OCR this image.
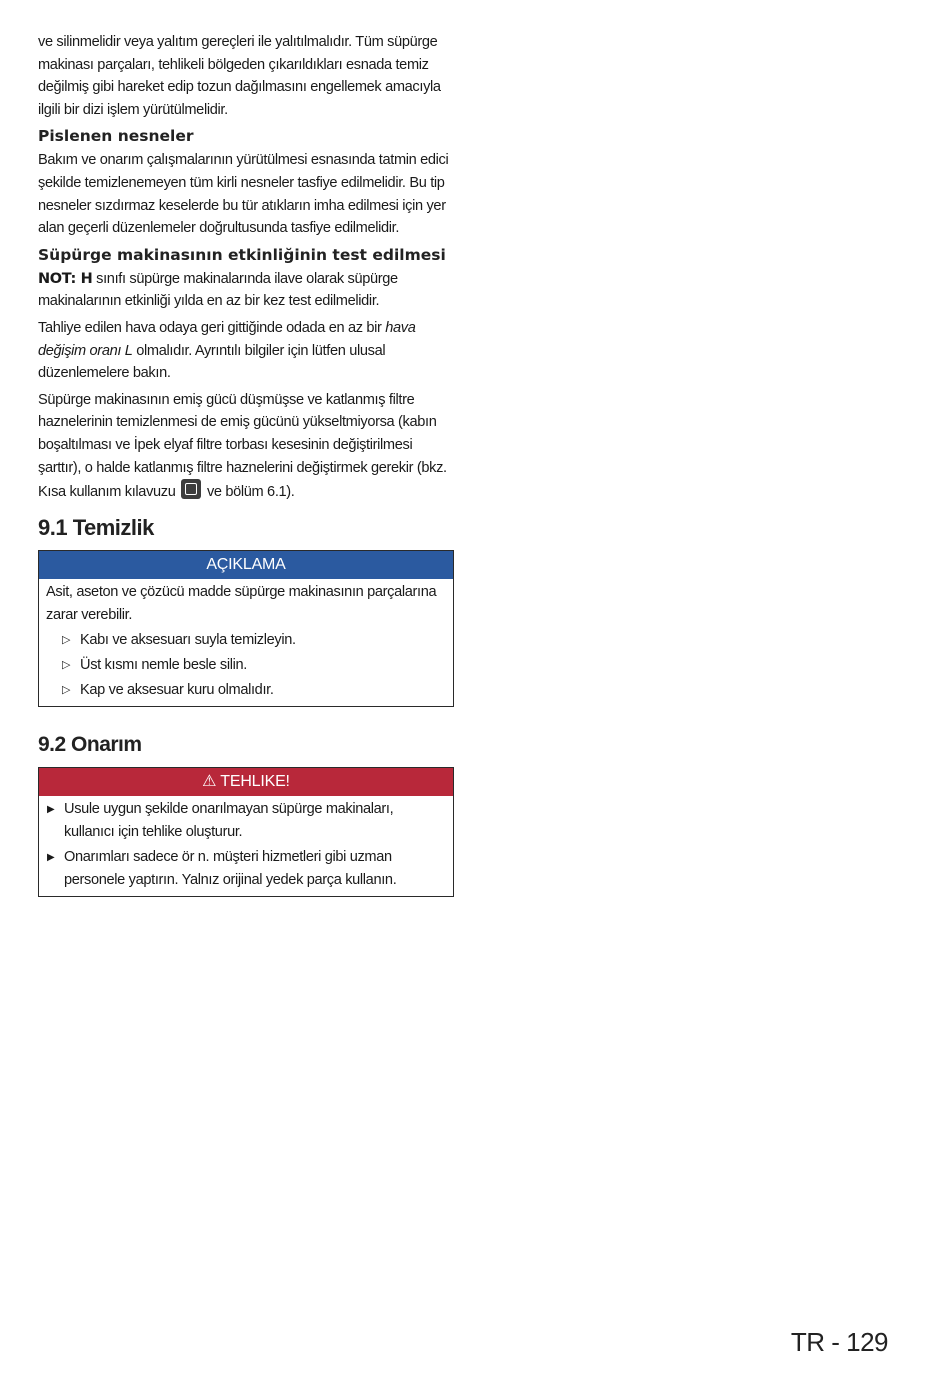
ve silinmelidir veya yalıtım gereçleri ile yalıtılmalıdır. Tüm süpürge makinası parçaları, tehlikeli bölgeden çıkarıldıkları esnada temiz değilmiş gibi hareket edip tozun dağılmasını engellemek amacıyla ilgili bir dizi işlem yürütülmelidir.

Pislenen nesneler

Bakım ve onarım çalışmalarının yürütülmesi esnasında tatmin edici şekilde temizlenemeyen tüm kirli nesneler tasfiye edilmelidir. Bu tip nesneler sızdırmaz keselerde bu tür atıkların imha edilmesi için yer alan geçerli düzenlemeler doğrultusunda tasfiye edilmelidir.

Süpürge makinasının etkinliğinin test edilmesi

NOT: H sınıfı süpürge makinalarında ilave olarak süpürge makinalarının etkinliği yılda en az bir kez test edilmelidir.

Tahliye edilen hava odaya geri gittiğinde odada en az bir hava değişim oranı L olmalıdır. Ayrıntılı bilgiler için lütfen ulusal düzenlemelere bakın.

Süpürge makinasının emiş gücü düşmüşse ve katlanmış filtre haznelerinin temizlenmesi de emiş gücünü yükseltmiyorsa (kabın boşaltılması ve İpek elyaf filtre torbası kesesinin değiştirilmesi şarttır), o halde katlanmış filtre haznelerini değiştirmek gerekir (bkz. Kısa kullanım kılavuzu ve bölüm 6.1).

9.1 Temizlik
AÇIKLAMA
Asit, aseton ve çözücü madde süpürge makinasının parçalarına zarar verebilir.
▷ Kabı ve aksesuarı suyla temizleyin.
▷ Üst kısmı nemle besle silin.
▷ Kap ve aksesuar kuru olmalıdır.
9.2 Onarım
⚠ TEHLIKE!
▶ Usule uygun şekilde onarılmayan süpürge makinaları, kullanıcı için tehlike oluşturur.
▶ Onarımları sadece ör n. müşteri hizmetleri gibi uzman personele yaptırın. Yalnız orijinal yedek parça kullanın.
TR - 129
